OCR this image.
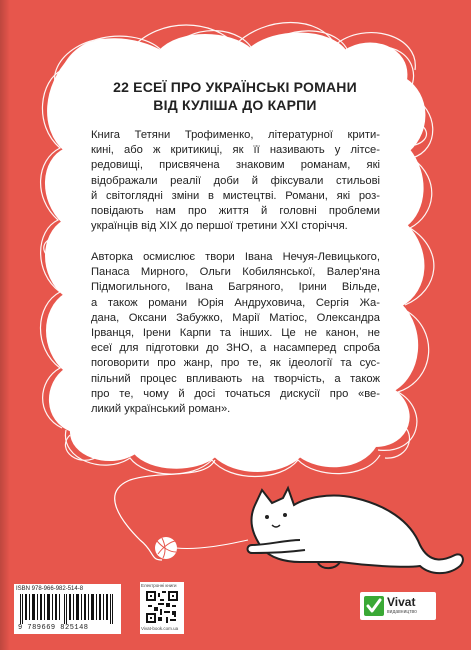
22 ЕСЕЇ ПРО УКРАЇНСЬКІ РОМАНИ
ВІД КУЛІША ДО КАРПИ
Книга Тетяни Трофименко, літературної крити-
кині, або ж критикиці, як її називають у літсе-
редовищі, присвячена знаковим романам, які
відображали реалії доби й фіксували стильові
й світоглядні зміни в мистецтві. Романи, які роз-
повідають нам про життя й головні проблеми
українців від XIX до першої третини XXI сторіччя.
Авторка осмислює твори Івана Нечуя-Левицького,
Панаса Мирного, Ольги Кобилянської, Валер'яна
Підмогильного, Івана Багряного, Ірини Вільде,
а також романи Юрія Андруховича, Сергія Жа-
дана, Оксани Забужко, Марії Матіос, Олександра
Ірванця, Ірени Карпи та інших. Це не канон, не
есеї для підготовки до ЗНО, а насамперед спроба
поговорити про жанр, про те, як ідеології та сус-
пільний процес впливають на творчість, а також
про те, чому й досі точаться дискусії про «ве-
ликий український роман».
ISBN 978-966-982-514-8
9 789669 825148
Електронні книги
Vivat-book.com.ua
Vivat
видавництво
